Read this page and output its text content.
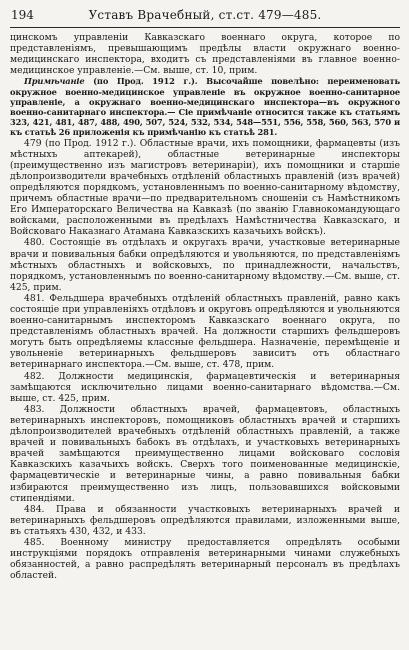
194	Уставъ Врачебный, ст.ст. 479—485.

цинскомъ управленіи Кавказскаго военнаго округа, которое по представленіямъ, превышающимъ предѣлы власти окружнаго военно-медицинскаго инспектора, входитъ съ представленіями въ главное военно-медицинское управленіе.—См. выше, ст. 10, прим.

Примѣчаніе (по Прод. 1912 г.). Высочайше повелѣно: переименовать окружное военно-медицинское управленіе въ окружное военно-санитарное управленіе, а окружнаго военно-медицинскаго инспектора—въ окружного военно-санитарнаго инспектора.— Сіе примѣчаніе относится также къ статьямъ 323, 421, 481, 487, 488, 490, 507, 524, 532, 534, 548—551, 556, 558, 560, 563, 570 и къ статьѣ 26 приложенія къ примѣчанію къ статьѣ 281.

479 (по Прод. 1912 г.). Областные врачи, ихъ помощники, фармацевты (изъ мѣстныхъ аптекарей), областные ветеринарные инспекторы (преимущественно изъ магистровъ ветеринаріи), ихъ помощники и старшіе дѣлопроизводители врачебныхъ отдѣленій областныхъ правленій (изъ врачей) опредѣляются порядкомъ, установленнымъ по военно-санитарному вѣдомству, причемъ областные врачи—по предварительномъ сношеніи съ Намѣстникомъ Его Императорскаго Величества на Кавказѣ (по званію Главнокомандующаго войсками, расположенными въ предѣлахъ Намѣстничества Кавказскаго, и Войсковаго Наказнаго Атамана Кавказскихъ казачьихъ войскъ).

480. Состоящіе въ отдѣлахъ и округахъ врачи, участковые ветеринарные врачи и повивальныя бабки опредѣляются и увольняются, по представленіямъ мѣстныхъ областныхъ и войсковыхъ, по принадлежности, начальствъ, порядкомъ, установленнымъ по военно-санитарному вѣдомству.—См. выше, ст. 425, прим.

481. Фельдшера врачебныхъ отдѣленій областныхъ правленій, равно какъ состоящіе при управленіяхъ отдѣловъ и округовъ опредѣляются и увольняются военно-санитарнымъ инспекторомъ Кавказскаго военнаго округа, по представленіямъ областныхъ врачей. На должности старшихъ фельдшеровъ могутъ быть опредѣляемы классные фельдшера. Назначеніе, перемѣщеніе и увольненіе ветеринарныхъ фельдшеровъ зависитъ отъ областнаго ветеринарнаго инспектора.—См. выше, ст. 478, прим.

482. Должности медицинскія, фармацевтическія и ветеринарныя замѣщаются исключительно лицами военно-санитарнаго вѣдомства.—См. выше, ст. 425, прим.

483. Должности областныхъ врачей, фармацевтовъ, областныхъ ветеринарныхъ инспекторовъ, помощниковъ областныхъ врачей и старшихъ дѣлопроизводителей врачебныхъ отдѣленій областныхъ правленій, а также врачей и повивальныхъ бабокъ въ отдѣлахъ, и участковыхъ ветеринарныхъ врачей замѣщаются преимущественно лицами войсковаго сословія Кавказскихъ казачьихъ войскъ. Сверхъ того поименованные медицинскіе, фармацевтическіе и ветеринарные чины, а равно повивальныя бабки избираются преимущественно изъ лицъ, пользовавшихся войсковыми стипендіями.

484. Права и обязанности участковыхъ ветеринарныхъ врачей и ветеринарныхъ фельдшеровъ опредѣляются правилами, изложенными выше, въ статьяхъ 430, 432, и 433.

485. Военному министру предоставляется опредѣлять особыми инструкціями порядокъ отправленія ветеринарными чинами служебныхъ обязанностей, а равно распредѣлять ветеринарный персоналъ въ предѣлахъ областей.
